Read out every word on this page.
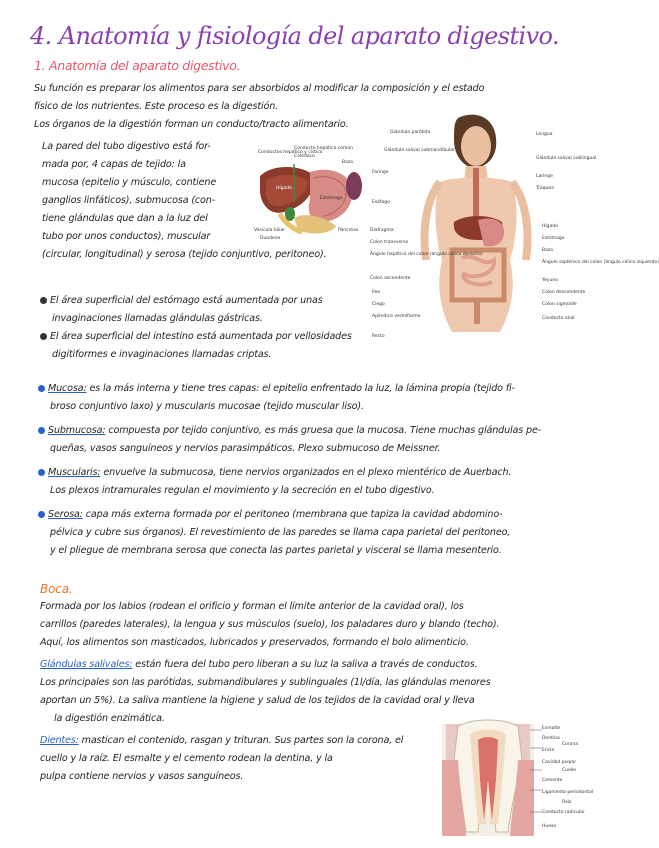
4. Anatomía y fisiología del aparato digestivo.
1. Anatomía del aparato digestivo.
Su función es preparar los alimentos para ser absorbidos al modificar la composición y el estado
físico de los nutrientes. Este proceso es la digestión.
Los órganos de la digestión forman un conducto/tracto alimentario.
La pared del tubo digestivo está for-
mada por, 4 capas de tejido: la
mucosa (epitelio y músculo, contiene
ganglios linfáticos), submucosa (con-
tiene glándulas que dan a la luz del
tubo por unos conductos), muscular
(circular, longitudinal) y serosa (tejido conjuntivo, peritoneo).
Conductos hepático y cístico
Conducto hepático común
Colédoco
Bazo
Hígado
Estómago
Vesícula biliar
Duodeno
Páncreas
Glándula salival submandibular
Faringe
Esófago
Diafragma
Colon transverso
Ángulo hepático del colon (ángulo cólico derecho)
Colon ascendente
Íleo
Ciego
Apéndice vermiforme
Recto
Glándula parótida	Lengua
Glándula salival sublingual
Laringe
Tráquea
Hígado
Estómago
Bazo
Ángulo esplénico del colon (ángulo cólico izquierdo)
Yeyuno
Colon descendente
Colon sigmoide
Conducto anal
El área superficial del estómago está aumentada por unas
invaginaciones llamadas glándulas gástricas.
El área superficial del intestino está aumentada por vellosidades
digitiformes e invaginaciones llamadas criptas.
Mucosa: es la más interna y tiene tres capas: el epitelio enfrentado la luz, la lámina propia (tejido fi-
broso conjuntivo laxo) y muscularis mucosae (tejido muscular liso).
Submucosa: compuesta por tejido conjuntivo, es más gruesa que la mucosa. Tiene muchas glándulas pe-
queñas, vasos sanguíneos y nervios parasimpáticos. Plexo submucoso de Meissner.
Muscularis: envuelve la submucosa, tiene nervios organizados en el plexo mientérico de Auerbach.
Los plexos intramurales regulan el movimiento y la secreción en el tubo digestivo.
Serosa: capa más externa formada por el peritoneo (membrana que tapiza la cavidad abdomino-
pélvica y cubre sus órganos). El revestimiento de las paredes se llama capa parietal del peritoneo,
y el pliegue de membrana serosa que conecta las partes parietal y visceral se llama mesenterio.
Boca.
Formada por los labios (rodean el orificio y forman el límite anterior de la cavidad oral), los
carrillos (paredes laterales), la lengua y sus músculos (suelo), los paladares duro y blando (techo).
Aquí, los alimentos son masticados, lubricados y preservados, formando el bolo alimenticio.
Glándulas salivales: están fuera del tubo pero liberan a su luz la saliva a través de conductos.
Los principales son las parótidas, submandibulares y sublinguales (1l/día, las glándulas menores
aportan un 5%). La saliva mantiene la higiene y salud de los tejidos de la cavidad oral y lleva
la digestión enzimática.
Dientes: mastican el contenido, rasgan y trituran. Sus partes son la corona, el
cuello y la raíz. El esmalte y el cemento rodean la dentina, y la
pulpa contiene nervios y vasos sanguíneos.
Esmalte
Dentina
Corona
Encía
Cavidad pulpar
Cuello
Raíz
Cemento
Ligamento periodontal
Conducto radicular
Hueso
